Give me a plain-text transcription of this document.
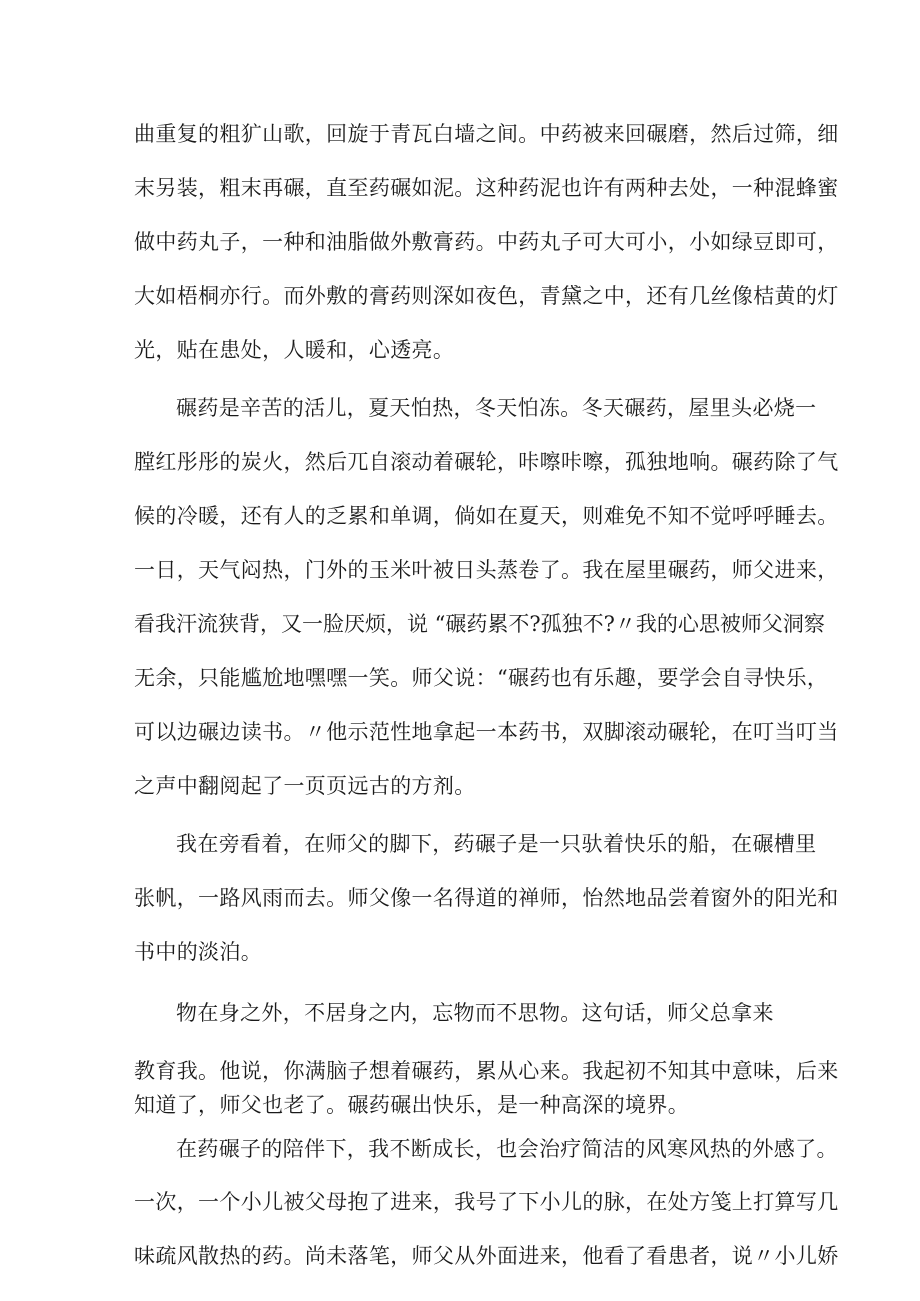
曲重复的粗犷山歌，回旋于青瓦白墙之间。中药被来回碾磨，然后过筛，细
末另装，粗末再碾，直至药碾如泥。这种药泥也许有两种去处，一种混蜂蜜
做中药丸子，一种和油脂做外敷膏药。中药丸子可大可小，小如绿豆即可，
大如梧桐亦行。而外敷的膏药则深如夜色，青黛之中，还有几丝像桔黄的灯
光，贴在患处，人暖和，心透亮。
碾药是辛苦的活儿，夏天怕热，冬天怕冻。冬天碾药，屋里头必烧一
膛红彤彤的炭火，然后兀自滚动着碾轮，咔嚓咔嚓，孤独地响。碾药除了气
候的冷暖，还有人的乏累和单调，倘如在夏天，则难免不知不觉呼呼睡去。
一日，天气闷热，门外的玉米叶被日头蒸卷了。我在屋里碾药，师父进来，
看我汗流狭背，又一脸厌烦，说 “碾药累不?孤独不?〃我的心思被师父洞察
无余，只能尴尬地嘿嘿一笑。师父说：“碾药也有乐趣，要学会自寻快乐，
可以边碾边读书。〃他示范性地拿起一本药书，双脚滚动碾轮，在叮当叮当
之声中翻阅起了一页页远古的方剂。
我在旁看着，在师父的脚下，药碾子是一只驮着快乐的船，在碾槽里
张帆，一路风雨而去。师父像一名得道的禅师，怡然地品尝着窗外的阳光和
书中的淡泊。
物在身之外，不居身之内，忘物而不思物。这句话，师父总拿来
教育我。他说，你满脑子想着碾药，累从心来。我起初不知其中意味，后来
知道了，师父也老了。碾药碾出快乐，是一种高深的境界。
在药碾子的陪伴下，我不断成长，也会治疗简洁的风寒风热的外感了。
一次，一个小儿被父母抱了进来，我号了下小儿的脉，在处方笺上打算写几
味疏风散热的药。尚未落笔，师父从外面进来，他看了看患者，说〃小儿娇
